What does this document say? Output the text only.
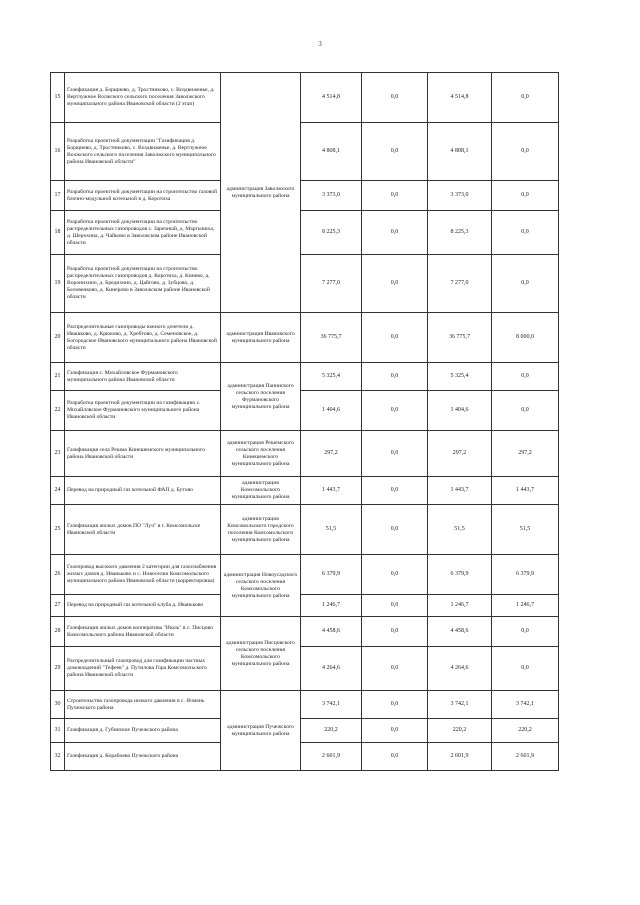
3
15	Газификация д. Борщнево, д. Тростниково, с. Воздвиженье, д. Вертлужное Волжского сельского поселения Заволжского муниципального района Ивановской области (2 этап)	администрация Заволжского муниципального района	4 514,8	0,0	4 514,8	0,0
16	Разработка проектной документации "Газификация д. Борщнево, д. Тростниково, с. Воздвиженье, д. Вертлужное Волжского сельского поселения Заволжского муниципального района Ивановской области"		4 808,1	0,0	4 808,1	0,0
17	Разработка проектной документации на строительство газовой блочно-модульной котельной в д. Коротиха		3 373,0	0,0	3 373,0	0,0
18	Разработка проектной документации на строительство распределительных газопроводов с. Заречный, д. Мартыниха, д. Шерохина, д. Чайково в Заволжском районе Ивановской области		8 225,3	0,0	8 225,3	0,0
19	Разработка проектной документации на строительство распределительных газопроводов д. Коротиха, д. Кинево, д. Воронихино, д. Бредихино, д. Цайгово, д. Зубцово, д. Беловенково, д. Кинерово в Заволжском районе Ивановской области		7 277,0	0,0	7 277,0	0,0
20	Распределительные газопроводы южного дочетеля д. Ивашково, д. Крюково, д. Хребтово, д. Семеновское, д. Богородское Ивановского муниципального района Ивановской области	администрация Ивановского муниципального района	36 775,7	0,0	36 775,7	8 000,0
21	Газификация с. Михайловское Фурмановского муниципального района Ивановской области	администрация Панинского сельского поселения Фурмановского муниципального района	5 325,4	0,0	5 325,4	0,0
22	Разработка проектной документации на газификацию с. Михайловское Фурмановского муниципального района Ивановской области		1 404,6	0,0	1 404,6	0,0
23	Газификация села Решма Кинешемского муниципального района Ивановской области	администрация Решемского сельского поселения Кинешемского муниципального района	297,2	0,0	297,2	297,2
24	Перевод на природный газ котельной ФАП д. Бутово	администрация Комсомольского муниципального района	1 443,7	0,0	1 443,7	1 443,7
25	Газификация жилых домов ПО "Луч" в г. Комсомольске Ивановской области	администрация Комсомольского городского поселения Комсомольского муниципального района	51,5	0,0	51,5	51,5
26	Газопровод высокого давления 2 категории для газоснабжения жилых домов д. Иваньково и с. Новоселки Комсомольского муниципального района Ивановской области (корректировка)	администрация Новоусадского сельского поселения Комсомольского муниципального района	6 379,9	0,0	6 379,9	6 379,9
27	Перевод на природный газ котельной клуба д. Иваньково		1 246,7	0,0	1 246,7	1 246,7
28	Газификация жилых домов кооператива "Июль" в с. Писцово Комсомольского района Ивановской области	администрация Писцовского сельского поселения Комсомольского муниципального района	4 458,6	0,0	4 458,6	0,0
29	Распределительный газопровод для газификации частных домовладений "Тефеев" д. Путилова Гора Комсомольского района Ивановской области		4 264,6	0,0	4 264,6	0,0
30	Строительство газопровода низкого давления в с. Ячмень Пучежского района	администрация Пучежского муниципального района	3 742,1	0,0	3 742,1	3 742,1
31	Газификация д. Губинское Пучежского района		220,2	0,0	220,2	220,2
32	Газификация д. Корабоево Пучежского района		2 601,9	0,0	2 601,9	2 601,9
